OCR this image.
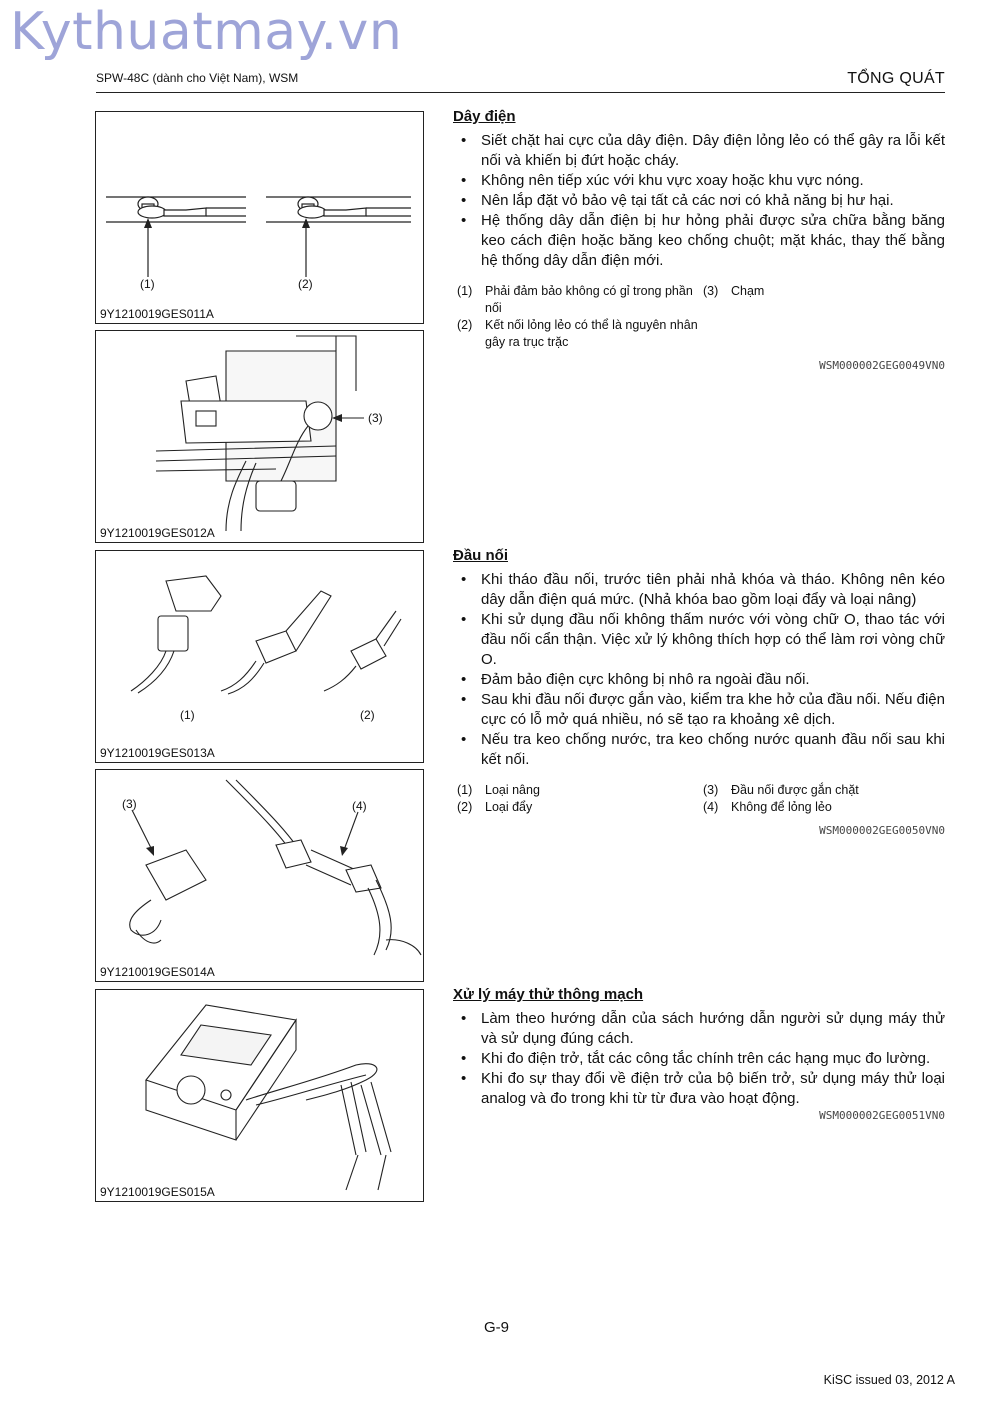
Kythuatmay.vn
SPW-48C (dành cho Việt Nam), WSM	TỔNG QUÁT
(1)	(2)
9Y1210019GES011A
(3)
9Y1210019GES012A
(1)	(2)
9Y1210019GES013A
(3)	(4)
9Y1210019GES014A
9Y1210019GES015A
Dây điện
• Siết chặt hai cực của dây điện. Dây điện lỏng lẻo có thể gây ra lỗi kết nối và khiến bị đứt hoặc cháy.
• Không nên tiếp xúc với khu vực xoay hoặc khu vực nóng.
• Nên lắp đặt vỏ bảo vệ tại tất cả các nơi có khả năng bị hư hại.
• Hệ thống dây dẫn điện bị hư hỏng phải được sửa chữa bằng băng keo cách điện hoặc băng keo chống chuột; mặt khác, thay thế bằng hệ thống dây dẫn điện mới.
(1)	Phải đảm bảo không có gỉ trong phần nối
(3)	Chạm
(2)	Kết nối lỏng lẻo có thể là nguyên nhân gây ra trục trặc
WSM000002GEG0049VN0
Đầu nối
• Khi tháo đầu nối, trước tiên phải nhả khóa và tháo. Không nên kéo dây dẫn điện quá mức. (Nhả khóa bao gồm loại đẩy và loại nâng)
• Khi sử dụng đầu nối không thấm nước với vòng chữ O, thao tác với đầu nối cẩn thận. Việc xử lý không thích hợp có thể làm rơi vòng chữ O.
• Đảm bảo điện cực không bị nhô ra ngoài đầu nối.
• Sau khi đầu nối được gắn vào, kiểm tra khe hở của đầu nối. Nếu điện cực có lỗ mở quá nhiều, nó sẽ tạo ra khoảng xê dịch.
• Nếu tra keo chống nước, tra keo chống nước quanh đầu nối sau khi kết nối.
(1)	Loại nâng	(3)	Đầu nối được gắn chặt
(2)	Loại đẩy	(4)	Không để lỏng lẻo
WSM000002GEG0050VN0
Xử lý máy thử thông mạch
• Làm theo hướng dẫn của sách hướng dẫn người sử dụng máy thử và sử dụng đúng cách.
• Khi đo điện trở, tắt các công tắc chính trên các hạng mục đo lường.
• Khi đo sự thay đổi về điện trở của bộ biến trở, sử dụng máy thử loại analog và đo trong khi từ từ đưa vào hoạt động.
WSM000002GEG0051VN0
G-9
KiSC issued 03, 2012 A
